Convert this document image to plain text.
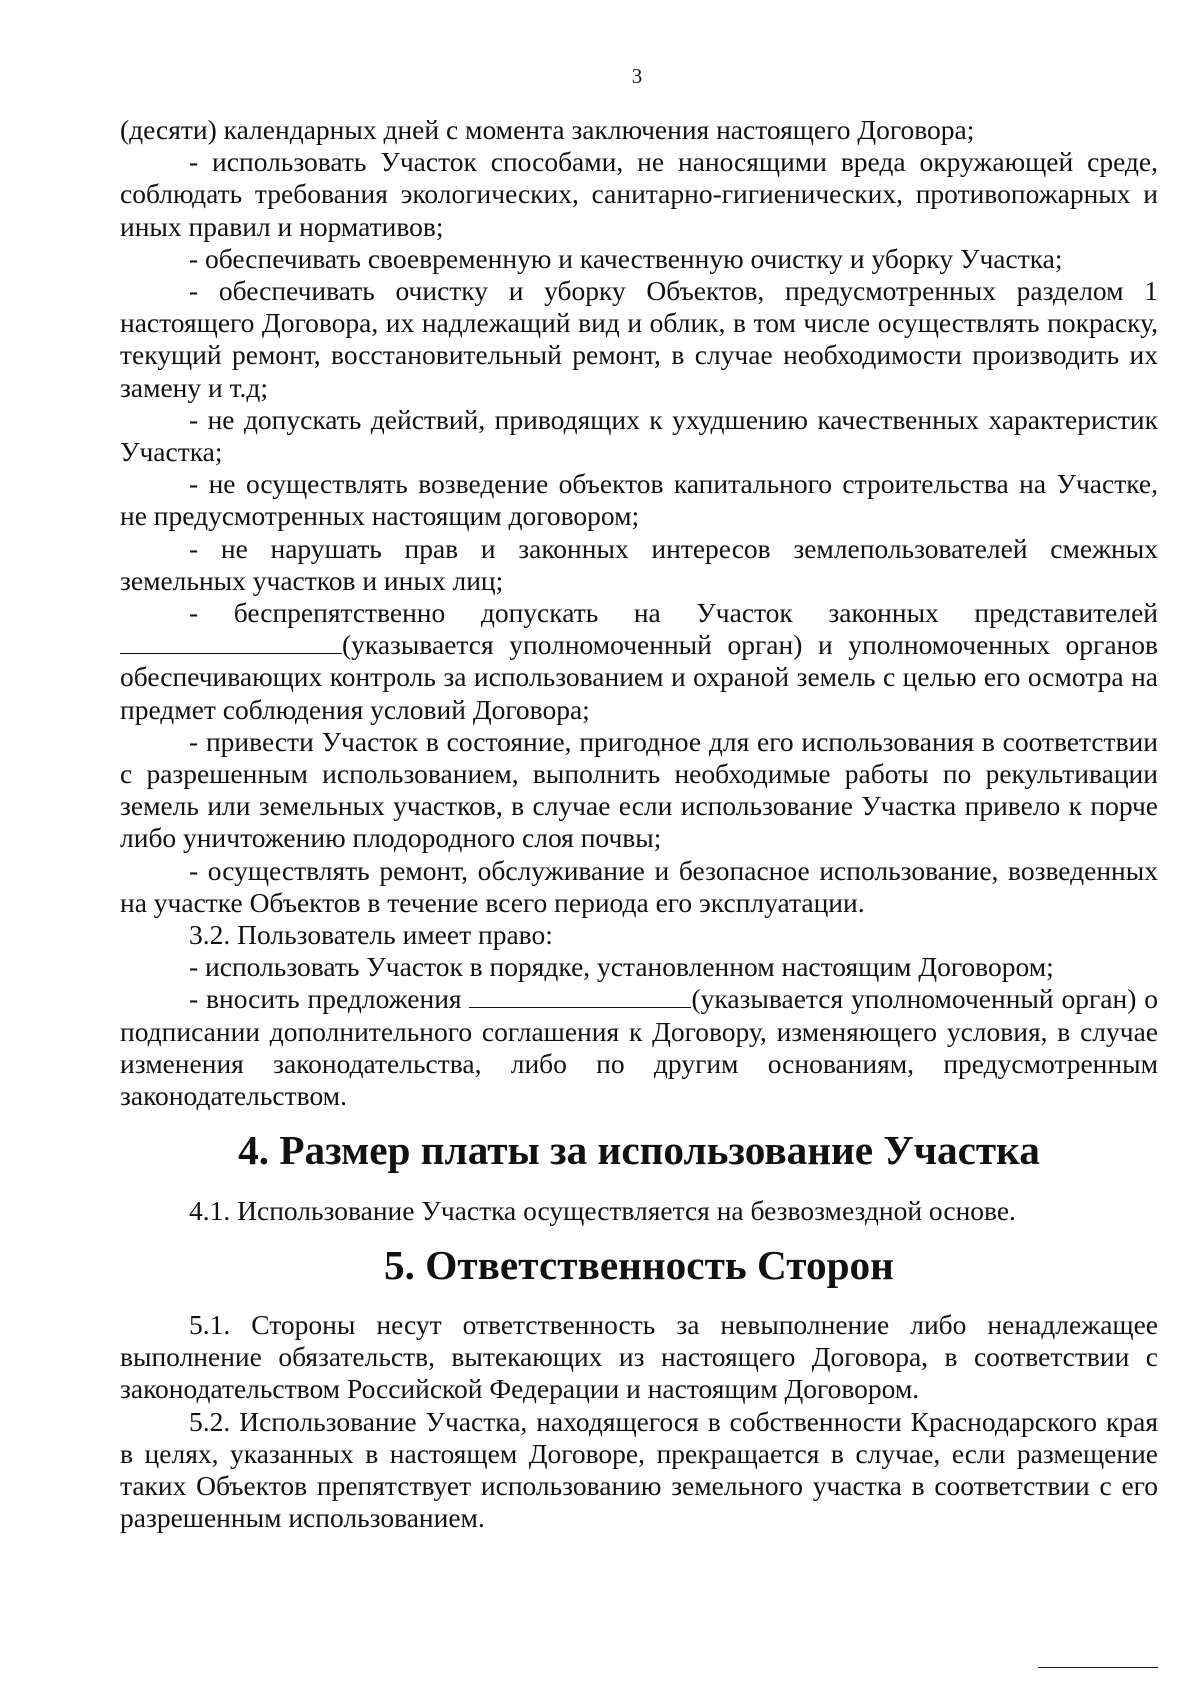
3

(десяти) календарных дней с момента заключения настоящего Договора;

- использовать Участок способами, не наносящими вреда окружающей среде, соблюдать требования экологических, санитарно-гигиенических, противопожарных и иных правил и нормативов;

- обеспечивать своевременную и качественную очистку и уборку Участка;

- обеспечивать очистку и уборку Объектов, предусмотренных разделом 1 настоящего Договора, их надлежащий вид и облик, в том числе осуществлять покраску, текущий ремонт, восстановительный ремонт, в случае необходимости производить их замену и т.д;

- не допускать действий, приводящих к ухудшению качественных характеристик Участка;

- не осуществлять возведение объектов капитального строительства на Участке, не предусмотренных настоящим договором;

- не нарушать прав и законных интересов землепользователей смежных земельных участков и иных лиц;

- беспрепятственно допускать на Участок законных представителей (указывается уполномоченный орган) и уполномоченных органов обеспечивающих контроль за использованием и охраной земель с целью его осмотра на предмет соблюдения условий Договора;

- привести Участок в состояние, пригодное для его использования в соответствии с разрешенным использованием, выполнить необходимые работы по рекультивации земель или земельных участков, в случае если использование Участка привело к порче либо уничтожению плодородного слоя почвы;

- осуществлять ремонт, обслуживание и безопасное использование, возведенных на участке Объектов в течение всего периода его эксплуатации.

3.2. Пользователь имеет право:

- использовать Участок в порядке, установленном настоящим Договором;

- вносить предложения	(указывается уполномоченный орган) о подписании дополнительного соглашения к Договору, изменяющего условия, в случае изменения законодательства, либо по другим основаниям, предусмотренным законодательством.

4. Размер платы за использование Участка

4.1. Использование Участка осуществляется на безвозмездной основе.

5. Ответственность Сторон

5.1. Стороны несут ответственность за невыполнение либо ненадлежащее выполнение обязательств, вытекающих из настоящего Договора, в соответствии с законодательством Российской Федерации и настоящим Договором.

5.2. Использование Участка, находящегося в собственности Краснодарского края в целях, указанных в настоящем Договоре, прекращается в случае, если размещение таких Объектов препятствует использованию земельного участка в соответствии с его разрешенным использованием.
